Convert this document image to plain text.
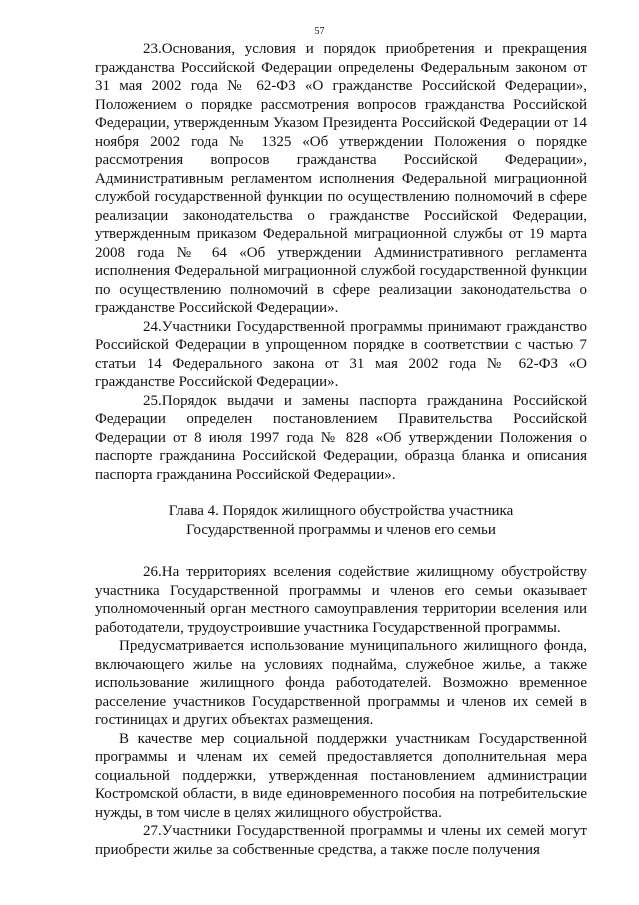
57

23.Основания, условия и порядок приобретения и прекращения гражданства Российской Федерации определены Федеральным законом от 31 мая 2002 года № 62-ФЗ «О гражданстве Российской Федерации», Положением о порядке рассмотрения вопросов гражданства Российской Федерации, утвержденным Указом Президента Российской Федерации от 14 ноября 2002 года № 1325 «Об утверждении Положения о порядке рассмотрения вопросов гражданства Российской Федерации», Административным регламентом исполнения Федеральной миграционной службой государственной функции по осуществлению полномочий в сфере реализации законодательства о гражданстве Российской Федерации, утвержденным приказом Федеральной миграционной службы от 19 марта 2008 года № 64 «Об утверждении Административного регламента исполнения Федеральной миграционной службой государственной функции по осуществлению полномочий в сфере реализации законодательства о гражданстве Российской Федерации».

24.Участники Государственной программы принимают гражданство Российской Федерации в упрощенном порядке в соответствии с частью 7 статьи 14 Федерального закона от 31 мая 2002 года № 62-ФЗ «О гражданстве Российской Федерации».

25.Порядок выдачи и замены паспорта гражданина Российской Федерации определен постановлением Правительства Российской Федерации от 8 июля 1997 года № 828 «Об утверждении Положения о паспорте гражданина Российской Федерации, образца бланка и описания паспорта гражданина Российской Федерации».

Глава 4. Порядок жилищного обустройства участника
Государственной программы и членов его семьи

26.На территориях вселения содействие жилищному обустройству участника Государственной программы и членов его семьи оказывает уполномоченный орган местного самоуправления территории вселения или работодатели, трудоустроившие участника Государственной программы.

Предусматривается использование муниципального жилищного фонда, включающего жилье на условиях поднайма, служебное жилье, а также использование жилищного фонда работодателей. Возможно временное расселение участников Государственной программы и членов их семей в гостиницах и других объектах размещения.

В качестве мер социальной поддержки участникам Государственной программы и членам их семей предоставляется дополнительная мера социальной поддержки, утвержденная постановлением администрации Костромской области, в виде единовременного пособия на потребительские нужды, в том числе в целях жилищного обустройства.

27.Участники Государственной программы и члены их семей могут приобрести жилье за собственные средства, а также после получения
